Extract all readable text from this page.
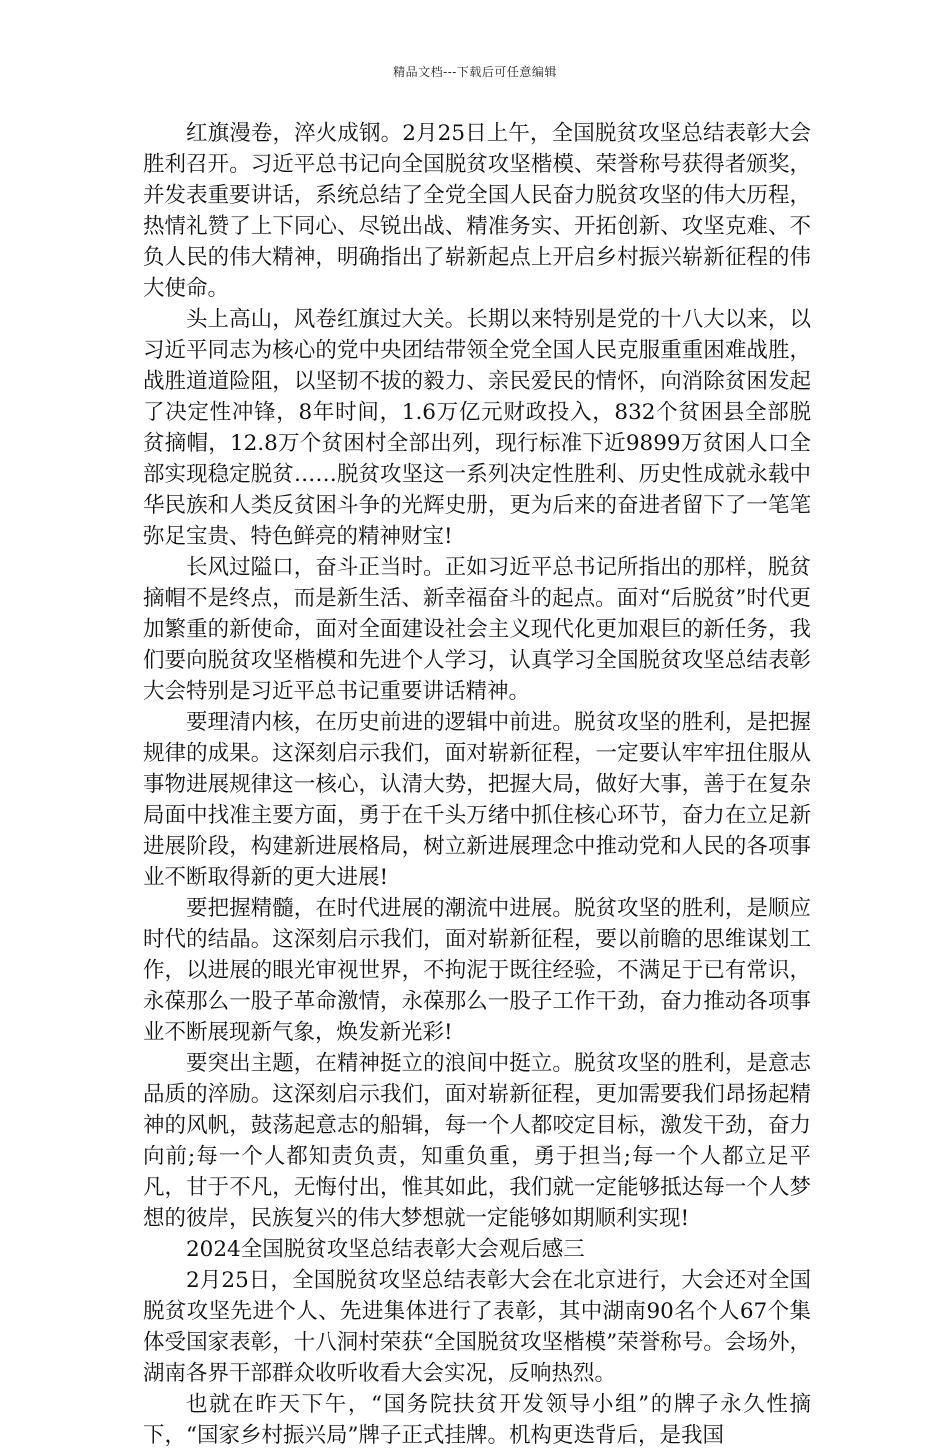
精品文档---下载后可任意编辑

红旗漫卷，淬火成钢。2月25日上午，全国脱贫攻坚总结表彰大会胜利召开。习近平总书记向全国脱贫攻坚楷模、荣誉称号获得者颁奖，并发表重要讲话，系统总结了全党全国人民奋力脱贫攻坚的伟大历程，热情礼赞了上下同心、尽锐出战、精准务实、开拓创新、攻坚克难、不负人民的伟大精神，明确指出了崭新起点上开启乡村振兴崭新征程的伟大使命。

头上高山，风卷红旗过大关。长期以来特别是党的十八大以来，以习近平同志为核心的党中央团结带领全党全国人民克服重重困难战胜，战胜道道险阻，以坚韧不拔的毅力、亲民爱民的情怀，向消除贫困发起了决定性冲锋，8年时间，1.6万亿元财政投入，832个贫困县全部脱贫摘帽，12.8万个贫困村全部出列，现行标准下近9899万贫困人口全部实现稳定脱贫……脱贫攻坚这一系列决定性胜利、历史性成就永载中华民族和人类反贫困斗争的光辉史册，更为后来的奋进者留下了一笔笔弥足宝贵、特色鲜亮的精神财宝!

长风过隘口，奋斗正当时。正如习近平总书记所指出的那样，脱贫摘帽不是终点，而是新生活、新幸福奋斗的起点。面对“后脱贫”时代更加繁重的新使命，面对全面建设社会主义现代化更加艰巨的新任务，我们要向脱贫攻坚楷模和先进个人学习，认真学习全国脱贫攻坚总结表彰大会特别是习近平总书记重要讲话精神。

要理清内核，在历史前进的逻辑中前进。脱贫攻坚的胜利，是把握规律的成果。这深刻启示我们，面对崭新征程，一定要认牢牢扭住服从事物进展规律这一核心，认清大势，把握大局，做好大事，善于在复杂局面中找准主要方面，勇于在千头万绪中抓住核心环节，奋力在立足新进展阶段，构建新进展格局，树立新进展理念中推动党和人民的各项事业不断取得新的更大进展!

要把握精髓，在时代进展的潮流中进展。脱贫攻坚的胜利，是顺应时代的结晶。这深刻启示我们，面对崭新征程，要以前瞻的思维谋划工作，以进展的眼光审视世界，不拘泥于既往经验，不满足于已有常识，永葆那么一股子革命激情，永葆那么一股子工作干劲，奋力推动各项事业不断展现新气象，焕发新光彩!

要突出主题，在精神挺立的浪间中挺立。脱贫攻坚的胜利，是意志品质的淬励。这深刻启示我们，面对崭新征程，更加需要我们昂扬起精神的风帆，鼓荡起意志的船辑，每一个人都咬定目标，激发干劲，奋力向前;每一个人都知责负责，知重负重，勇于担当;每一个人都立足平凡，甘于不凡，无悔付出，惟其如此，我们就一定能够抵达每一个人梦想的彼岸，民族复兴的伟大梦想就一定能够如期顺利实现!

2024全国脱贫攻坚总结表彰大会观后感三

2月25日，全国脱贫攻坚总结表彰大会在北京进行，大会还对全国脱贫攻坚先进个人、先进集体进行了表彰，其中湖南90名个人67个集体受国家表彰，十八洞村荣获“全国脱贫攻坚楷模”荣誉称号。会场外，湖南各界干部群众收听收看大会实况，反响热烈。

也就在昨天下午，“国务院扶贫开发领导小组”的牌子永久性摘下，“国家乡村振兴局”牌子正式挂牌。机构更迭背后，是我国
